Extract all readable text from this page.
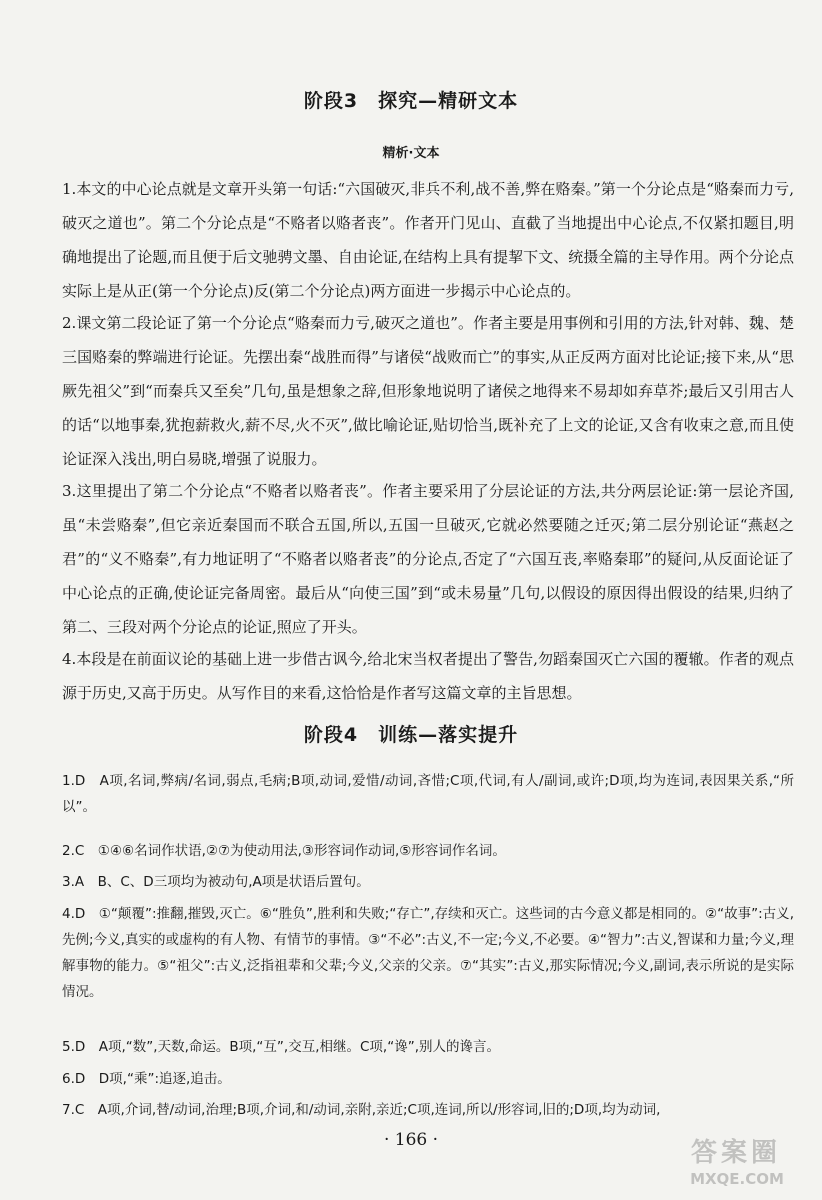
阶段3　探究—精研文本
精析·文本
1.本文的中心论点就是文章开头第一句话:“六国破灭,非兵不利,战不善,弊在赂秦。”第一个分论点是“赂秦而力亏,破灭之道也”。第二个分论点是“不赂者以赂者丧”。作者开门见山、直截了当地提出中心论点,不仅紧扣题目,明确地提出了论题,而且便于后文驰骋文墨、自由论证,在结构上具有提挈下文、统摄全篇的主导作用。两个分论点实际上是从正(第一个分论点)反(第二个分论点)两方面进一步揭示中心论点的。
2.课文第二段论证了第一个分论点“赂秦而力亏,破灭之道也”。作者主要是用事例和引用的方法,针对韩、魏、楚三国赂秦的弊端进行论证。先摆出秦“战胜而得”与诸侯“战败而亡”的事实,从正反两方面对比论证;接下来,从“思厥先祖父”到“而秦兵又至矣”几句,虽是想象之辞,但形象地说明了诸侯之地得来不易却如弃草芥;最后又引用古人的话“以地事秦,犹抱薪救火,薪不尽,火不灭”,做比喻论证,贴切恰当,既补充了上文的论证,又含有收束之意,而且使论证深入浅出,明白易晓,增强了说服力。
3.这里提出了第二个分论点“不赂者以赂者丧”。作者主要采用了分层论证的方法,共分两层论证:第一层论齐国,虽“未尝赂秦”,但它亲近秦国而不联合五国,所以,五国一旦破灭,它就必然要随之迁灭;第二层分别论证“燕赵之君”的“义不赂秦”,有力地证明了“不赂者以赂者丧”的分论点,否定了“六国互丧,率赂秦耶”的疑问,从反面论证了中心论点的正确,使论证完备周密。最后从“向使三国”到“或未易量”几句,以假设的原因得出假设的结果,归纳了第二、三段对两个分论点的论证,照应了开头。
4.本段是在前面议论的基础上进一步借古讽今,给北宋当权者提出了警告,勿蹈秦国灭亡六国的覆辙。作者的观点源于历史,又高于历史。从写作目的来看,这恰恰是作者写这篇文章的主旨思想。
阶段4　训练—落实提升
1.D　A项,名词,弊病/名词,弱点,毛病;B项,动词,爱惜/动词,吝惜;C项,代词,有人/副词,或许;D项,均为连词,表因果关系,“所以”。
2.C　①④⑥名词作状语,②⑦为使动用法,③形容词作动词,⑤形容词作名词。
3.A　B、C、D三项均为被动句,A项是状语后置句。
4.D　①“颠覆”:推翻,摧毁,灭亡。⑥“胜负”,胜利和失败;“存亡”,存续和灭亡。这些词的古今意义都是相同的。②“故事”:古义,先例;今义,真实的或虚构的有人物、有情节的事情。③“不必”:古义,不一定;今义,不必要。④“智力”:古义,智谋和力量;今义,理解事物的能力。⑤“祖父”:古义,泛指祖辈和父辈;今义,父亲的父亲。⑦“其实”:古义,那实际情况;今义,副词,表示所说的是实际情况。
5.D　A项,“数”,天数,命运。B项,“互”,交互,相继。C项,“谗”,别人的谗言。
6.D　D项,“乘”:追逐,追击。
7.C　A项,介词,替/动词,治理;B项,介词,和/动词,亲附,亲近;C项,连词,所以/形容词,旧的;D项,均为动词,
· 166 ·	答案圈
MXQE.COM
